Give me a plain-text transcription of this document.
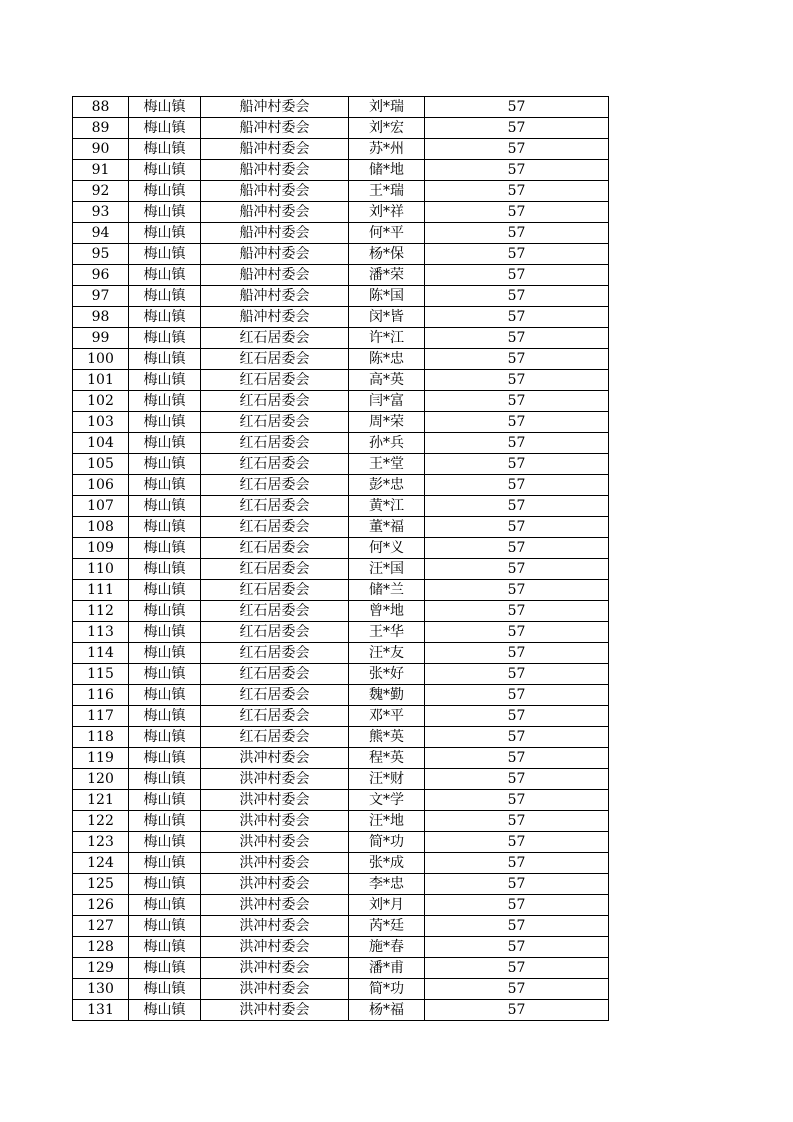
88	梅山镇	船冲村委会	刘*瑞	57
89	梅山镇	船冲村委会	刘*宏	57
90	梅山镇	船冲村委会	苏*州	57
91	梅山镇	船冲村委会	储*地	57
92	梅山镇	船冲村委会	王*瑞	57
93	梅山镇	船冲村委会	刘*祥	57
94	梅山镇	船冲村委会	何*平	57
95	梅山镇	船冲村委会	杨*保	57
96	梅山镇	船冲村委会	潘*荣	57
97	梅山镇	船冲村委会	陈*国	57
98	梅山镇	船冲村委会	闵*皆	57
99	梅山镇	红石居委会	许*江	57
100	梅山镇	红石居委会	陈*忠	57
101	梅山镇	红石居委会	高*英	57
102	梅山镇	红石居委会	闫*富	57
103	梅山镇	红石居委会	周*荣	57
104	梅山镇	红石居委会	孙*兵	57
105	梅山镇	红石居委会	王*堂	57
106	梅山镇	红石居委会	彭*忠	57
107	梅山镇	红石居委会	黄*江	57
108	梅山镇	红石居委会	董*福	57
109	梅山镇	红石居委会	何*义	57
110	梅山镇	红石居委会	汪*国	57
111	梅山镇	红石居委会	储*兰	57
112	梅山镇	红石居委会	曾*地	57
113	梅山镇	红石居委会	王*华	57
114	梅山镇	红石居委会	汪*友	57
115	梅山镇	红石居委会	张*好	57
116	梅山镇	红石居委会	魏*勤	57
117	梅山镇	红石居委会	邓*平	57
118	梅山镇	红石居委会	熊*英	57
119	梅山镇	洪冲村委会	程*英	57
120	梅山镇	洪冲村委会	汪*财	57
121	梅山镇	洪冲村委会	文*学	57
122	梅山镇	洪冲村委会	汪*地	57
123	梅山镇	洪冲村委会	简*功	57
124	梅山镇	洪冲村委会	张*成	57
125	梅山镇	洪冲村委会	李*忠	57
126	梅山镇	洪冲村委会	刘*月	57
127	梅山镇	洪冲村委会	芮*廷	57
128	梅山镇	洪冲村委会	施*春	57
129	梅山镇	洪冲村委会	潘*甫	57
130	梅山镇	洪冲村委会	简*功	57
131	梅山镇	洪冲村委会	杨*福	57
